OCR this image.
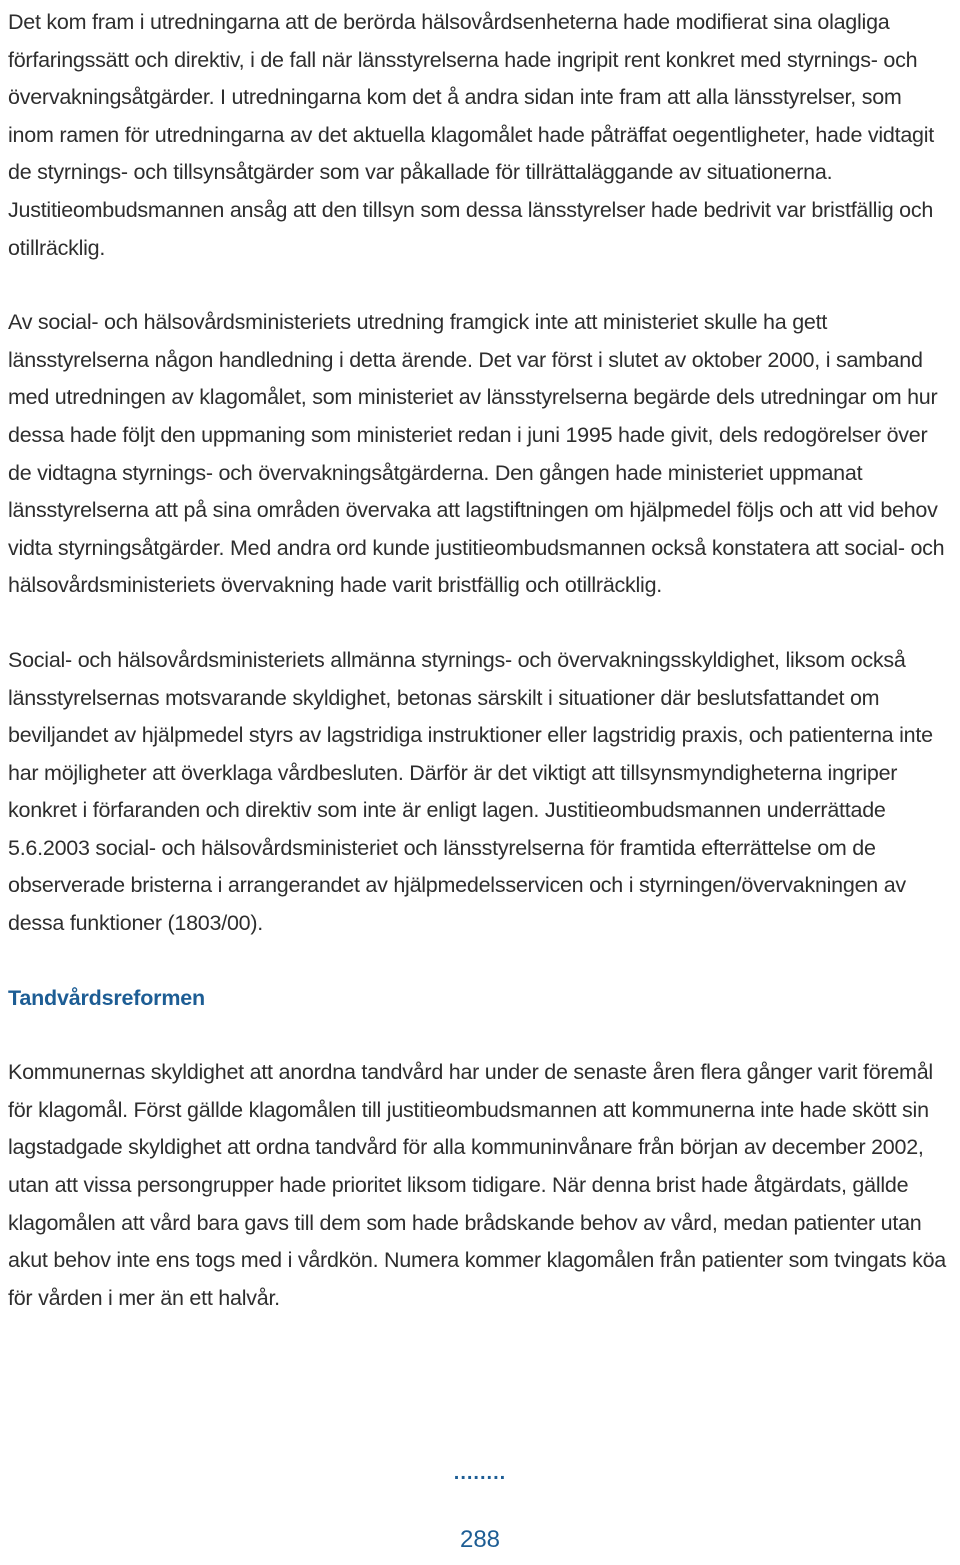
Det kom fram i utredningarna att de berörda hälsovårdsenheterna hade modifierat sina olagliga förfaringssätt och direktiv, i de fall när länsstyrelserna hade ingripit rent konkret med styrnings- och övervakningsåtgärder. I utredningarna kom det å andra sidan inte fram att alla länsstyrelser, som inom ramen för utredningarna av det aktuella klagomålet hade påträffat oegentligheter, hade vidtagit de styrnings- och tillsynsåtgärder som var påkallade för tillrättaläggande av situationerna. Justitieombudsmannen ansåg att den tillsyn som dessa länsstyrelser hade bedrivit var bristfällig och otillräcklig.

Av social- och hälsovårdsministeriets utredning framgick inte att ministeriet skulle ha gett länsstyrelserna någon handledning i detta ärende. Det var först i slutet av oktober 2000, i samband med utredningen av klagomålet, som ministeriet av länsstyrelserna begärde dels utredningar om hur dessa hade följt den uppmaning som ministeriet redan i juni 1995 hade givit, dels redogörelser över de vidtagna styrnings- och övervakningsåtgärderna. Den gången hade ministeriet uppmanat länsstyrelserna att på sina områden övervaka att lagstiftningen om hjälpmedel följs och att vid behov vidta styrningsåtgärder. Med andra ord kunde justitieombudsmannen också konstatera att social- och hälsovårdsministeriets övervakning hade varit bristfällig och otillräcklig.

Social- och hälsovårdsministeriets allmänna styrnings- och övervakningsskyldighet, liksom också länsstyrelsernas motsvarande skyldighet, betonas särskilt i situationer där beslutsfattandet om beviljandet av hjälpmedel styrs av lagstridiga instruktioner eller lagstridig praxis, och patienterna inte har möjligheter att överklaga vårdbesluten. Därför är det viktigt att tillsynsmyndigheterna ingriper konkret i förfaranden och direktiv som inte är enligt lagen. Justitieombudsmannen underrättade 5.6.2003 social- och hälsovårdsministeriet och länsstyrelserna för framtida efterrättelse om de observerade bristerna i arrangerandet av hjälpmedelsservicen och i styrningen/övervakningen av dessa funktioner (1803/00).

Tandvårdsreformen

Kommunernas skyldighet att anordna tandvård har under de senaste åren flera gånger varit föremål för klagomål. Först gällde klagomålen till justitieombudsmannen att kommunerna inte hade skött sin lagstadgade skyldighet att ordna tandvård för alla kommuninvånare från början av december 2002, utan att vissa persongrupper hade prioritet liksom tidigare. När denna brist hade åtgärdats, gällde klagomålen att vård bara gavs till dem som hade brådskande behov av vård, medan patienter utan akut behov inte ens togs med i vårdkön. Numera kommer klagomålen från patienter som tvingats köa för vården i mer än ett halvår.

........
288
